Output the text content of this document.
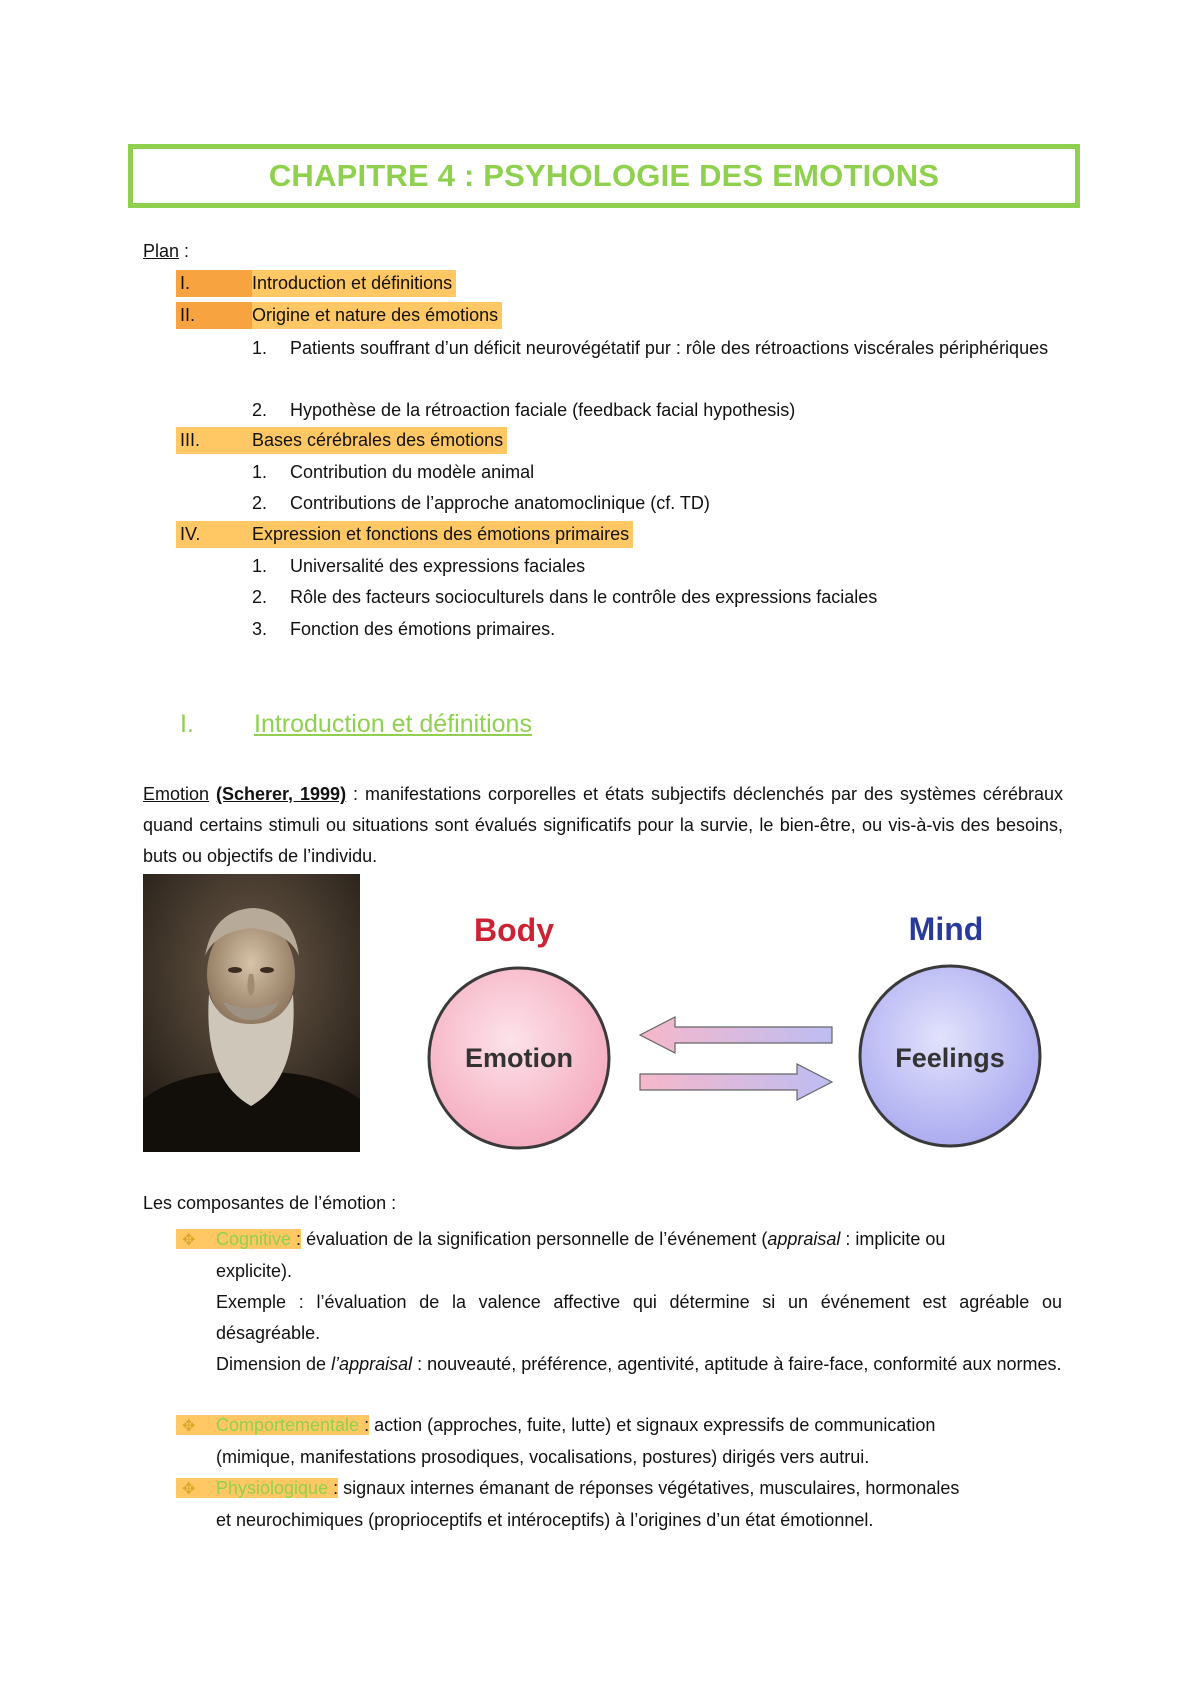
CHAPITRE 4 : PSYHOLOGIE DES EMOTIONS
Plan :
I.	Introduction et définitions
II.	Origine et nature des émotions
1.	Patients souffrant d’un déficit neurovégétatif pur : rôle des rétroactions viscérales périphériques
2.	Hypothèse de la rétroaction faciale (feedback facial hypothesis)
III.	Bases cérébrales des émotions
1.	Contribution du modèle animal
2.	Contributions de l’approche anatomoclinique (cf. TD)
IV.	Expression et fonctions des émotions primaires
1.	Universalité des expressions faciales
2.	Rôle des facteurs socioculturels dans le contrôle des expressions faciales
3.	Fonction des émotions primaires.
I. Introduction et définitions
Emotion (Scherer, 1999) : manifestations corporelles et états subjectifs déclenchés par des systèmes cérébraux quand certains stimuli ou situations sont évalués significatifs pour la survie, le bien-être, ou vis-à-vis des besoins, buts ou objectifs de l’individu.
Body	Mind
Emotion	Feelings
Les composantes de l’émotion :
✥ Cognitive : évaluation de la signification personnelle de l’événement (appraisal : implicite ou
explicite).
Exemple : l’évaluation de la valence affective qui détermine si un événement est agréable ou désagréable.
Dimension de l’appraisal : nouveauté, préférence, agentivité, aptitude à faire-face, conformité aux normes.
✥ Comportementale : action (approches, fuite, lutte) et signaux expressifs de communication
(mimique, manifestations prosodiques, vocalisations, postures) dirigés vers autrui.
✥ Physiologique : signaux internes émanant de réponses végétatives, musculaires, hormonales
et neurochimiques (proprioceptifs et intéroceptifs) à l’origines d’un état émotionnel.
